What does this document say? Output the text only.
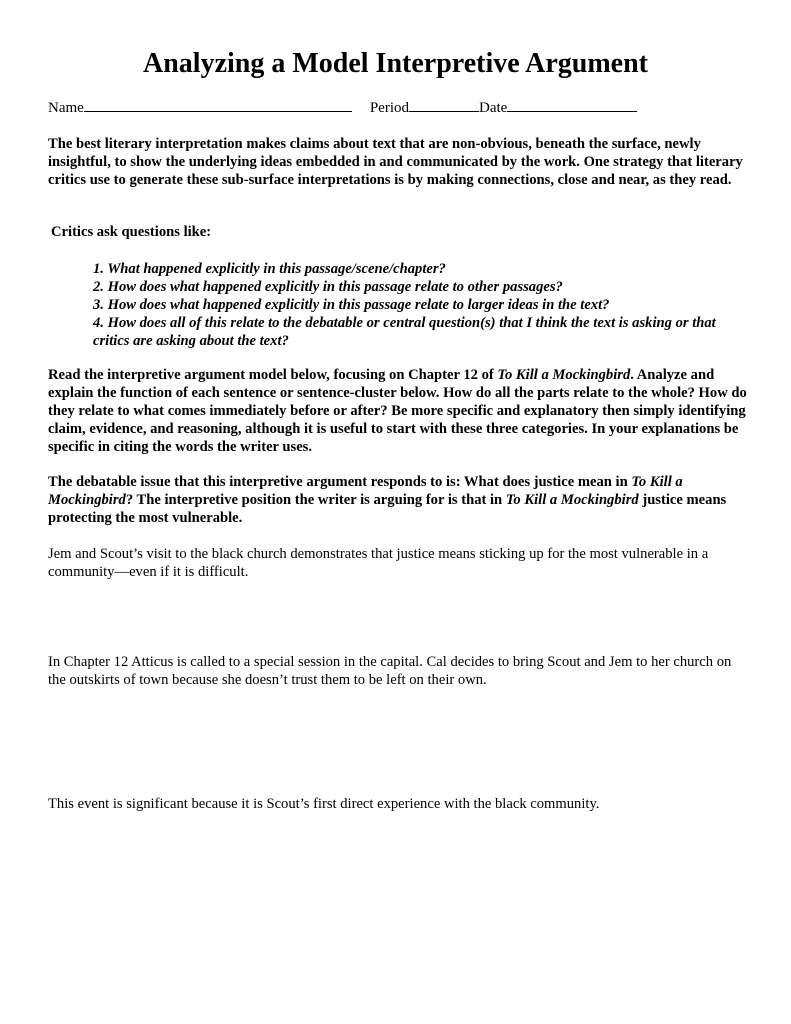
Analyzing a Model Interpretive Argument
Name	Period	Date
The best literary interpretation makes claims about text that are non-obvious, beneath the surface, newly insightful, to show the underlying ideas embedded in and communicated by the work. One strategy that literary critics use to generate these sub-surface interpretations is by making connections, close and near, as they read.
Critics ask questions like:
1. What happened explicitly in this passage/scene/chapter?
2. How does what happened explicitly in this passage relate to other passages?
3. How does what happened explicitly in this passage relate to larger ideas in the text?
4. How does all of this relate to the debatable or central question(s) that I think the text is asking or that critics are asking about the text?
Read the interpretive argument model below, focusing on Chapter 12 of To Kill a Mockingbird. Analyze and explain the function of each sentence or sentence-cluster below. How do all the parts relate to the whole? How do they relate to what comes immediately before or after? Be more specific and explanatory then simply identifying claim, evidence, and reasoning, although it is useful to start with these three categories. In your explanations be specific in citing the words the writer uses.
The debatable issue that this interpretive argument responds to is: What does justice mean in To Kill a Mockingbird? The interpretive position the writer is arguing for is that in To Kill a Mockingbird justice means protecting the most vulnerable.
Jem and Scout’s visit to the black church demonstrates that justice means sticking up for the most vulnerable in a community—even if it is difficult.
In Chapter 12 Atticus is called to a special session in the capital. Cal decides to bring Scout and Jem to her church on the outskirts of town because she doesn’t trust them to be left on their own.
This event is significant because it is Scout’s first direct experience with the black community.
